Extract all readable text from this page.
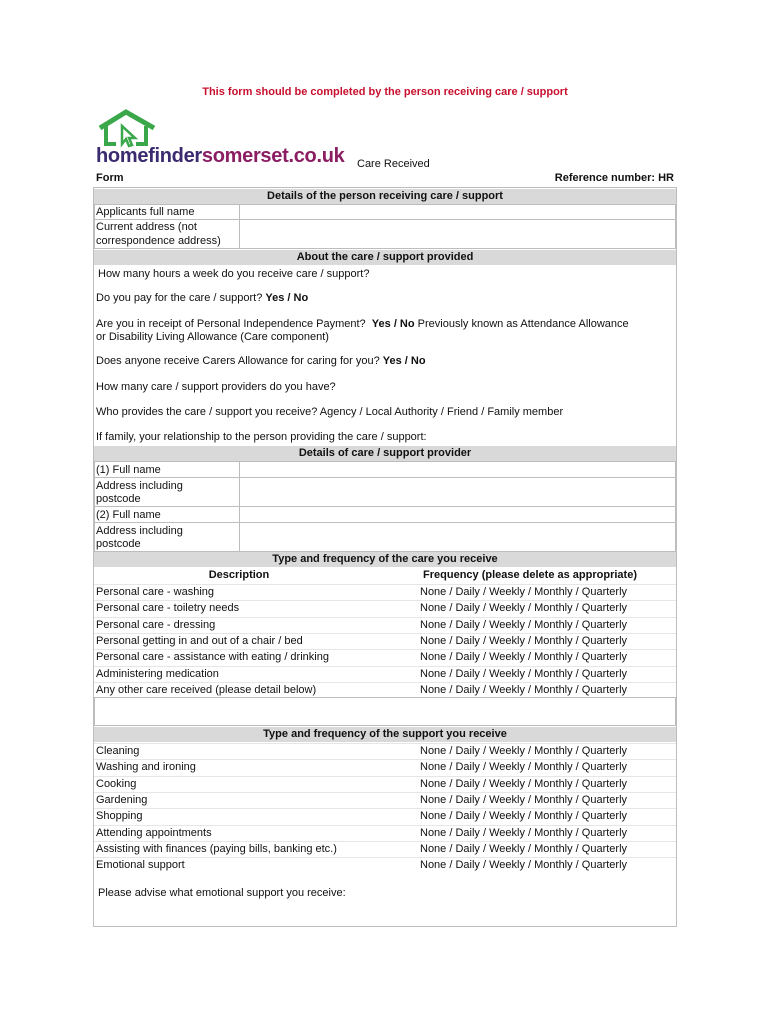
This form should be completed by the person receiving care / support
homefindersomerset.co.uk Care Received
Form	Reference number: HR
Details of the person receiving care / support
Applicants full name
Current address (not
correspondence address)
About the care / support provided
How many hours a week do you receive care / support?
Do you pay for the care / support? Yes / No
Are you in receipt of Personal Independence Payment? Yes / No Previously known as Attendance Allowance
or Disability Living Allowance (Care component)
Does anyone receive Carers Allowance for caring for you? Yes / No
How many care / support providers do you have?
Who provides the care / support you receive? Agency / Local Authority / Friend / Family member
If family, your relationship to the person providing the care / support:
Details of care / support provider
(1) Full name
Address including
postcode
(2) Full name
Address including
postcode
Type and frequency of the care you receive
Description	Frequency (please delete as appropriate)
Personal care - washing	None / Daily / Weekly / Monthly / Quarterly
Personal care - toiletry needs	None / Daily / Weekly / Monthly / Quarterly
Personal care - dressing	None / Daily / Weekly / Monthly / Quarterly
Personal getting in and out of a chair / bed	None / Daily / Weekly / Monthly / Quarterly
Personal care - assistance with eating / drinking	None / Daily / Weekly / Monthly / Quarterly
Administering medication	None / Daily / Weekly / Monthly / Quarterly
Any other care received (please detail below)	None / Daily / Weekly / Monthly / Quarterly
Type and frequency of the support you receive
Cleaning	None / Daily / Weekly / Monthly / Quarterly
Washing and ironing	None / Daily / Weekly / Monthly / Quarterly
Cooking	None / Daily / Weekly / Monthly / Quarterly
Gardening	None / Daily / Weekly / Monthly / Quarterly
Shopping	None / Daily / Weekly / Monthly / Quarterly
Attending appointments	None / Daily / Weekly / Monthly / Quarterly
Assisting with finances (paying bills, banking etc.)	None / Daily / Weekly / Monthly / Quarterly
Emotional support	None / Daily / Weekly / Monthly / Quarterly
Please advise what emotional support you receive:
